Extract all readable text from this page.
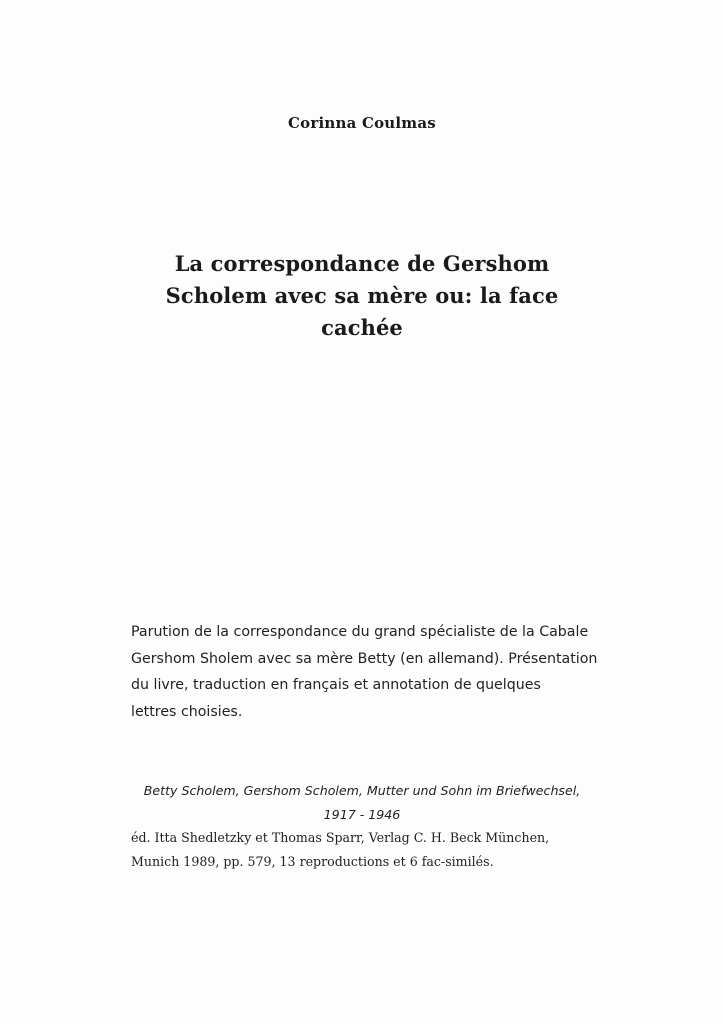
Corinna Coulmas
La correspondance de Gershom
Scholem avec sa mère ou: la face
cachée
Parution de la correspondance du grand spécialiste de la Cabale
Gershom Sholem avec sa mère Betty (en allemand). Présentation
du livre, traduction en français et annotation de quelques
lettres choisies.
Betty Scholem, Gershom Scholem, Mutter und Sohn im Briefwechsel,
1917 - 1946
éd. Itta Shedletzky et Thomas Sparr, Verlag C. H. Beck München,
Munich 1989, pp. 579, 13 reproductions et 6 fac-similés.
